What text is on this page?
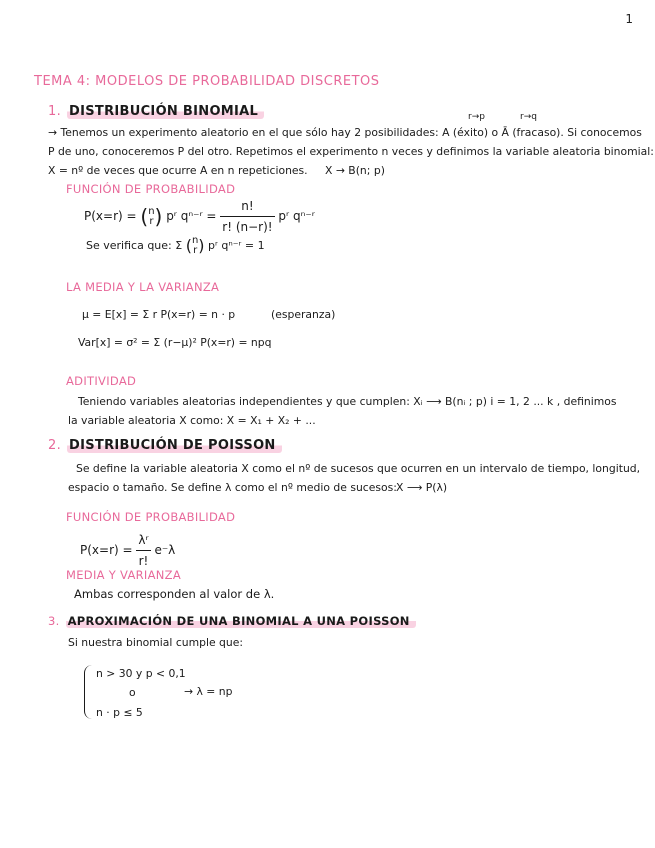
1
TEMA 4: MODELOS DE PROBABILIDAD DISCRETOS
1. DISTRIBUCIÓN BINOMIAL	r→p	r→q
→ Tenemos un experimento aleatorio en el que sólo hay 2 posibilidades: A (éxito) o Ā (fracaso). Si conocemos
P de uno, conoceremos P del otro. Repetimos el experimento n veces y definimos la variable aleatoria binomial:
X = nº de veces que ocurre A en n repeticiones. X → B(n; p)
FUNCIÓN DE PROBABILIDAD
P(x=r) = ( n
r ) pʳ qⁿ⁻ʳ = $\frac{n!}{r! (n-r)!}$ pʳ qⁿ⁻ʳ
Se verifica que: Σ ( n
r ) pʳ qⁿ⁻ʳ = 1
LA MEDIA Y LA VARIANZA
μ = E[x] = Σ r P(x=r) = n · p	(esperanza)
Var[x] = σ² = Σ (r−μ)² P(x=r) = npq
ADITIVIDAD
Teniendo variables aleatorias independientes y que cumplen: Xᵢ ⟶ B(nᵢ ; p) i = 1, 2 ... k , definimos
la variable aleatoria X como: X = X₁ + X₂ + ...
2. DISTRIBUCIÓN DE POISSON
Se define la variable aleatoria X como el nº de sucesos que ocurren en un intervalo de tiempo, longitud,
espacio o tamaño. Se define λ como el nº medio de sucesos: X ⟶ P(λ)
FUNCIÓN DE PROBABILIDAD
$P(x=r) = \frac{\text{λʳ}}{r!} e^-\lambda$
MEDIA Y VARIANZA
Ambas corresponden al valor de λ.
3. APROXIMACIÓN DE UNA BINOMIAL A UNA POISSON
Si nuestra binomial cumple que:
n > 30 y p < 0,1
o
n · p ≤ 5
→ λ = np
